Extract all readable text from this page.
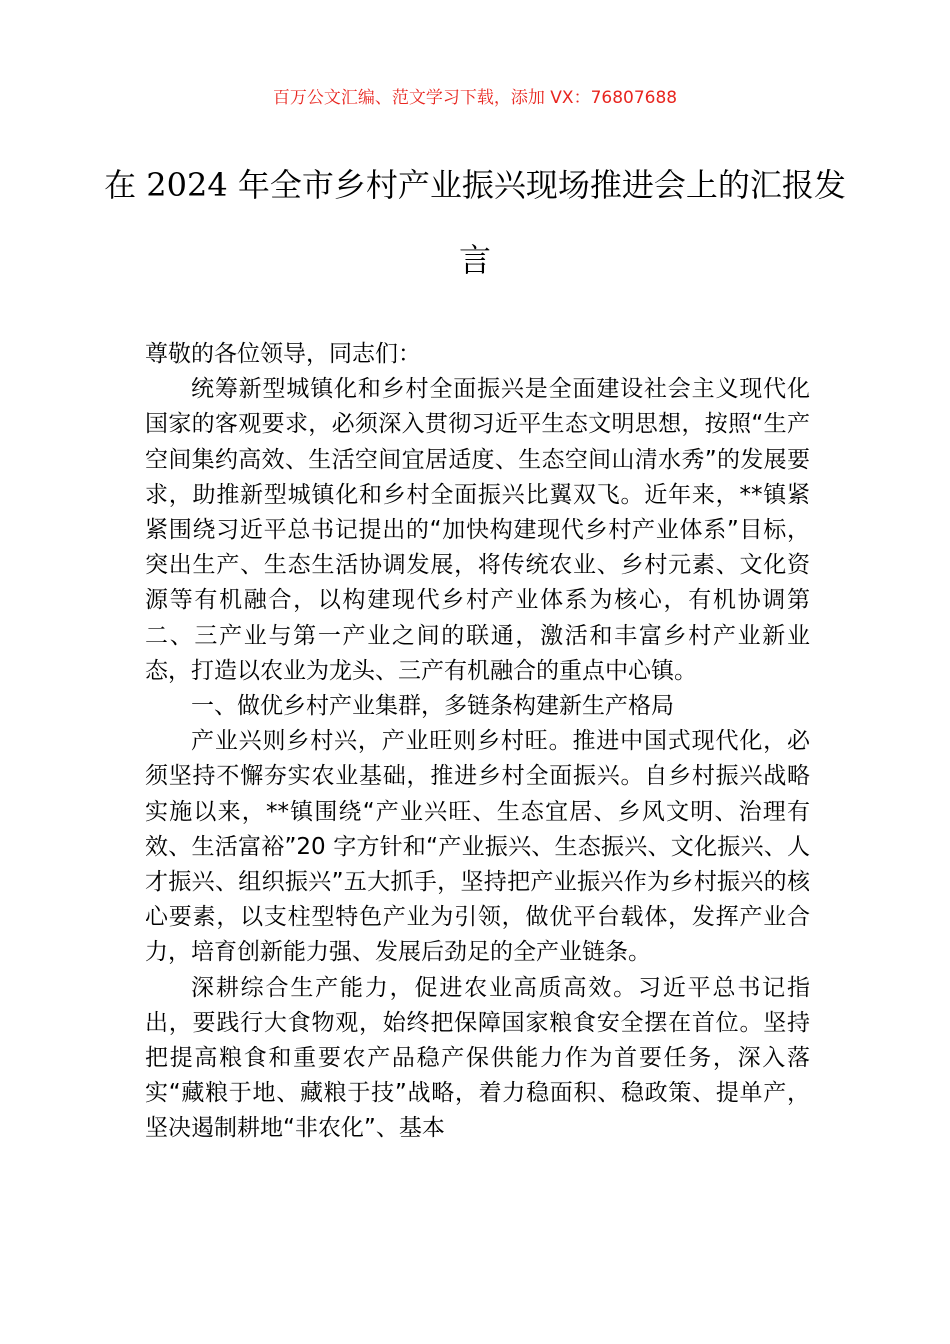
百万公文汇编、范文学习下载，添加 VX：76807688
在 2024 年全市乡村产业振兴现场推进会上的汇报发言

尊敬的各位领导，同志们：

统筹新型城镇化和乡村全面振兴是全面建设社会主义现代化国家的客观要求，必须深入贯彻习近平生态文明思想，按照“生产空间集约高效、生活空间宜居适度、生态空间山清水秀”的发展要求，助推新型城镇化和乡村全面振兴比翼双飞。近年来，**镇紧紧围绕习近平总书记提出的“加快构建现代乡村产业体系”目标，突出生产、生态生活协调发展，将传统农业、乡村元素、文化资源等有机融合，以构建现代乡村产业体系为核心，有机协调第二、三产业与第一产业之间的联通，激活和丰富乡村产业新业态，打造以农业为龙头、三产有机融合的重点中心镇。

一、做优乡村产业集群，多链条构建新生产格局

产业兴则乡村兴，产业旺则乡村旺。推进中国式现代化，必须坚持不懈夯实农业基础，推进乡村全面振兴。自乡村振兴战略实施以来，**镇围绕“产业兴旺、生态宜居、乡风文明、治理有效、生活富裕”20 字方针和“产业振兴、生态振兴、文化振兴、人才振兴、组织振兴”五大抓手，坚持把产业振兴作为乡村振兴的核心要素，以支柱型特色产业为引领，做优平台载体，发挥产业合力，培育创新能力强、发展后劲足的全产业链条。

深耕综合生产能力，促进农业高质高效。习近平总书记指出，要践行大食物观，始终把保障国家粮食安全摆在首位。坚持把提高粮食和重要农产品稳产保供能力作为首要任务，深入落实“藏粮于地、藏粮于技”战略，着力稳面积、稳政策、提单产，坚决遏制耕地“非农化”、基本
